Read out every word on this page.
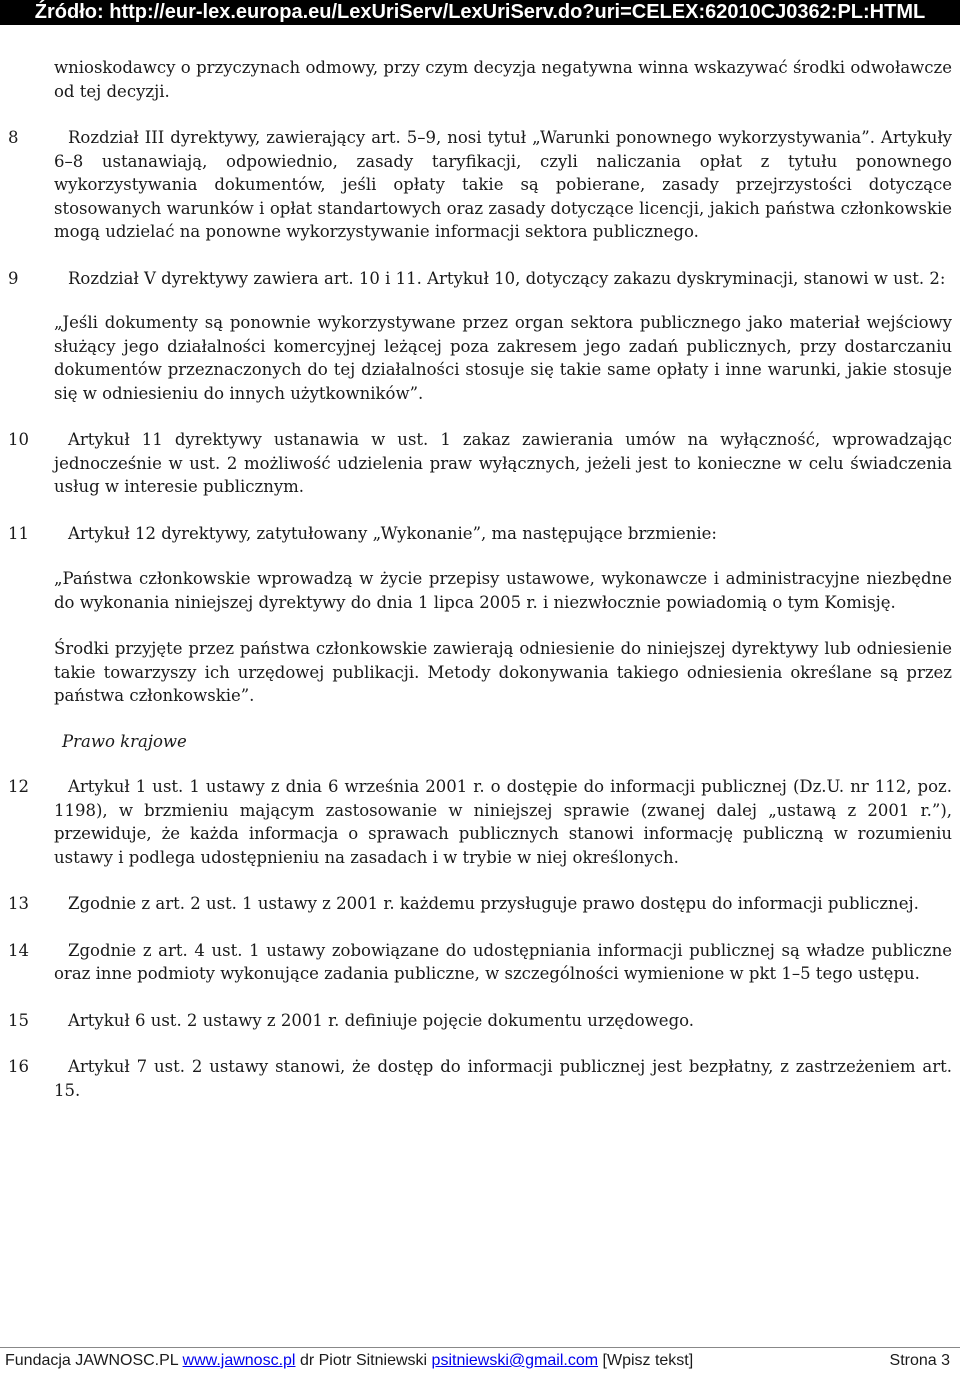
Źródło: http://eur-lex.europa.eu/LexUriServ/LexUriServ.do?uri=CELEX:62010CJ0362:PL:HTML

wnioskodawcy o przyczynach odmowy, przy czym decyzja negatywna winna wskazywać środki odwoławcze od tej decyzji.

8	Rozdział III dyrektywy, zawierający art. 5–9, nosi tytuł „Warunki ponownego wykorzystywania”. Artykuły 6–8 ustanawiają, odpowiednio, zasady taryfikacji, czyli naliczania opłat z tytułu ponownego wykorzystywania dokumentów, jeśli opłaty takie są pobierane, zasady przejrzystości dotyczące stosowanych warunków i opłat standartowych oraz zasady dotyczące licencji, jakich państwa członkowskie mogą udzielać na ponowne wykorzystywanie informacji sektora publicznego.

9	Rozdział V dyrektywy zawiera art. 10 i 11. Artykuł 10, dotyczący zakazu dyskryminacji, stanowi w ust. 2:

„Jeśli dokumenty są ponownie wykorzystywane przez organ sektora publicznego jako materiał wejściowy służący jego działalności komercyjnej leżącej poza zakresem jego zadań publicznych, przy dostarczaniu dokumentów przeznaczonych do tej działalności stosuje się takie same opłaty i inne warunki, jakie stosuje się w odniesieniu do innych użytkowników”.

10 Artykuł 11 dyrektywy ustanawia w ust. 1 zakaz zawierania umów na wyłączność, wprowadzając jednocześnie w ust. 2 możliwość udzielenia praw wyłącznych, jeżeli jest to konieczne w celu świadczenia usług w interesie publicznym.

11 Artykuł 12 dyrektywy, zatytułowany „Wykonanie”, ma następujące brzmienie:

„Państwa członkowskie wprowadzą w życie przepisy ustawowe, wykonawcze i administracyjne niezbędne do wykonania niniejszej dyrektywy do dnia 1 lipca 2005 r. i niezwłocznie powiadomią o tym Komisję.

Środki przyjęte przez państwa członkowskie zawierają odniesienie do niniejszej dyrektywy lub odniesienie takie towarzyszy ich urzędowej publikacji. Metody dokonywania takiego odniesienia określane są przez państwa członkowskie”.

Prawo krajowe

12 Artykuł 1 ust. 1 ustawy z dnia 6 września 2001 r. o dostępie do informacji publicznej (Dz.U. nr 112, poz. 1198), w brzmieniu mającym zastosowanie w niniejszej sprawie (zwanej dalej „ustawą z 2001 r.”), przewiduje, że każda informacja o sprawach publicznych stanowi informację publiczną w rozumieniu ustawy i podlega udostępnieniu na zasadach i w trybie w niej określonych.

13 Zgodnie z art. 2 ust. 1 ustawy z 2001 r. każdemu przysługuje prawo dostępu do informacji publicznej.

14 Zgodnie z art. 4 ust. 1 ustawy zobowiązane do udostępniania informacji publicznej są władze publiczne oraz inne podmioty wykonujące zadania publiczne, w szczególności wymienione w pkt 1–5 tego ustępu.

15 Artykuł 6 ust. 2 ustawy z 2001 r. definiuje pojęcie dokumentu urzędowego.

16 Artykuł 7 ust. 2 ustawy stanowi, że dostęp do informacji publicznej jest bezpłatny, z zastrzeżeniem art. 15.

Fundacja JAWNOSC.PL www.jawnosc.pl dr Piotr Sitniewski psitniewski@gmail.com [Wpisz tekst]	Strona 3
